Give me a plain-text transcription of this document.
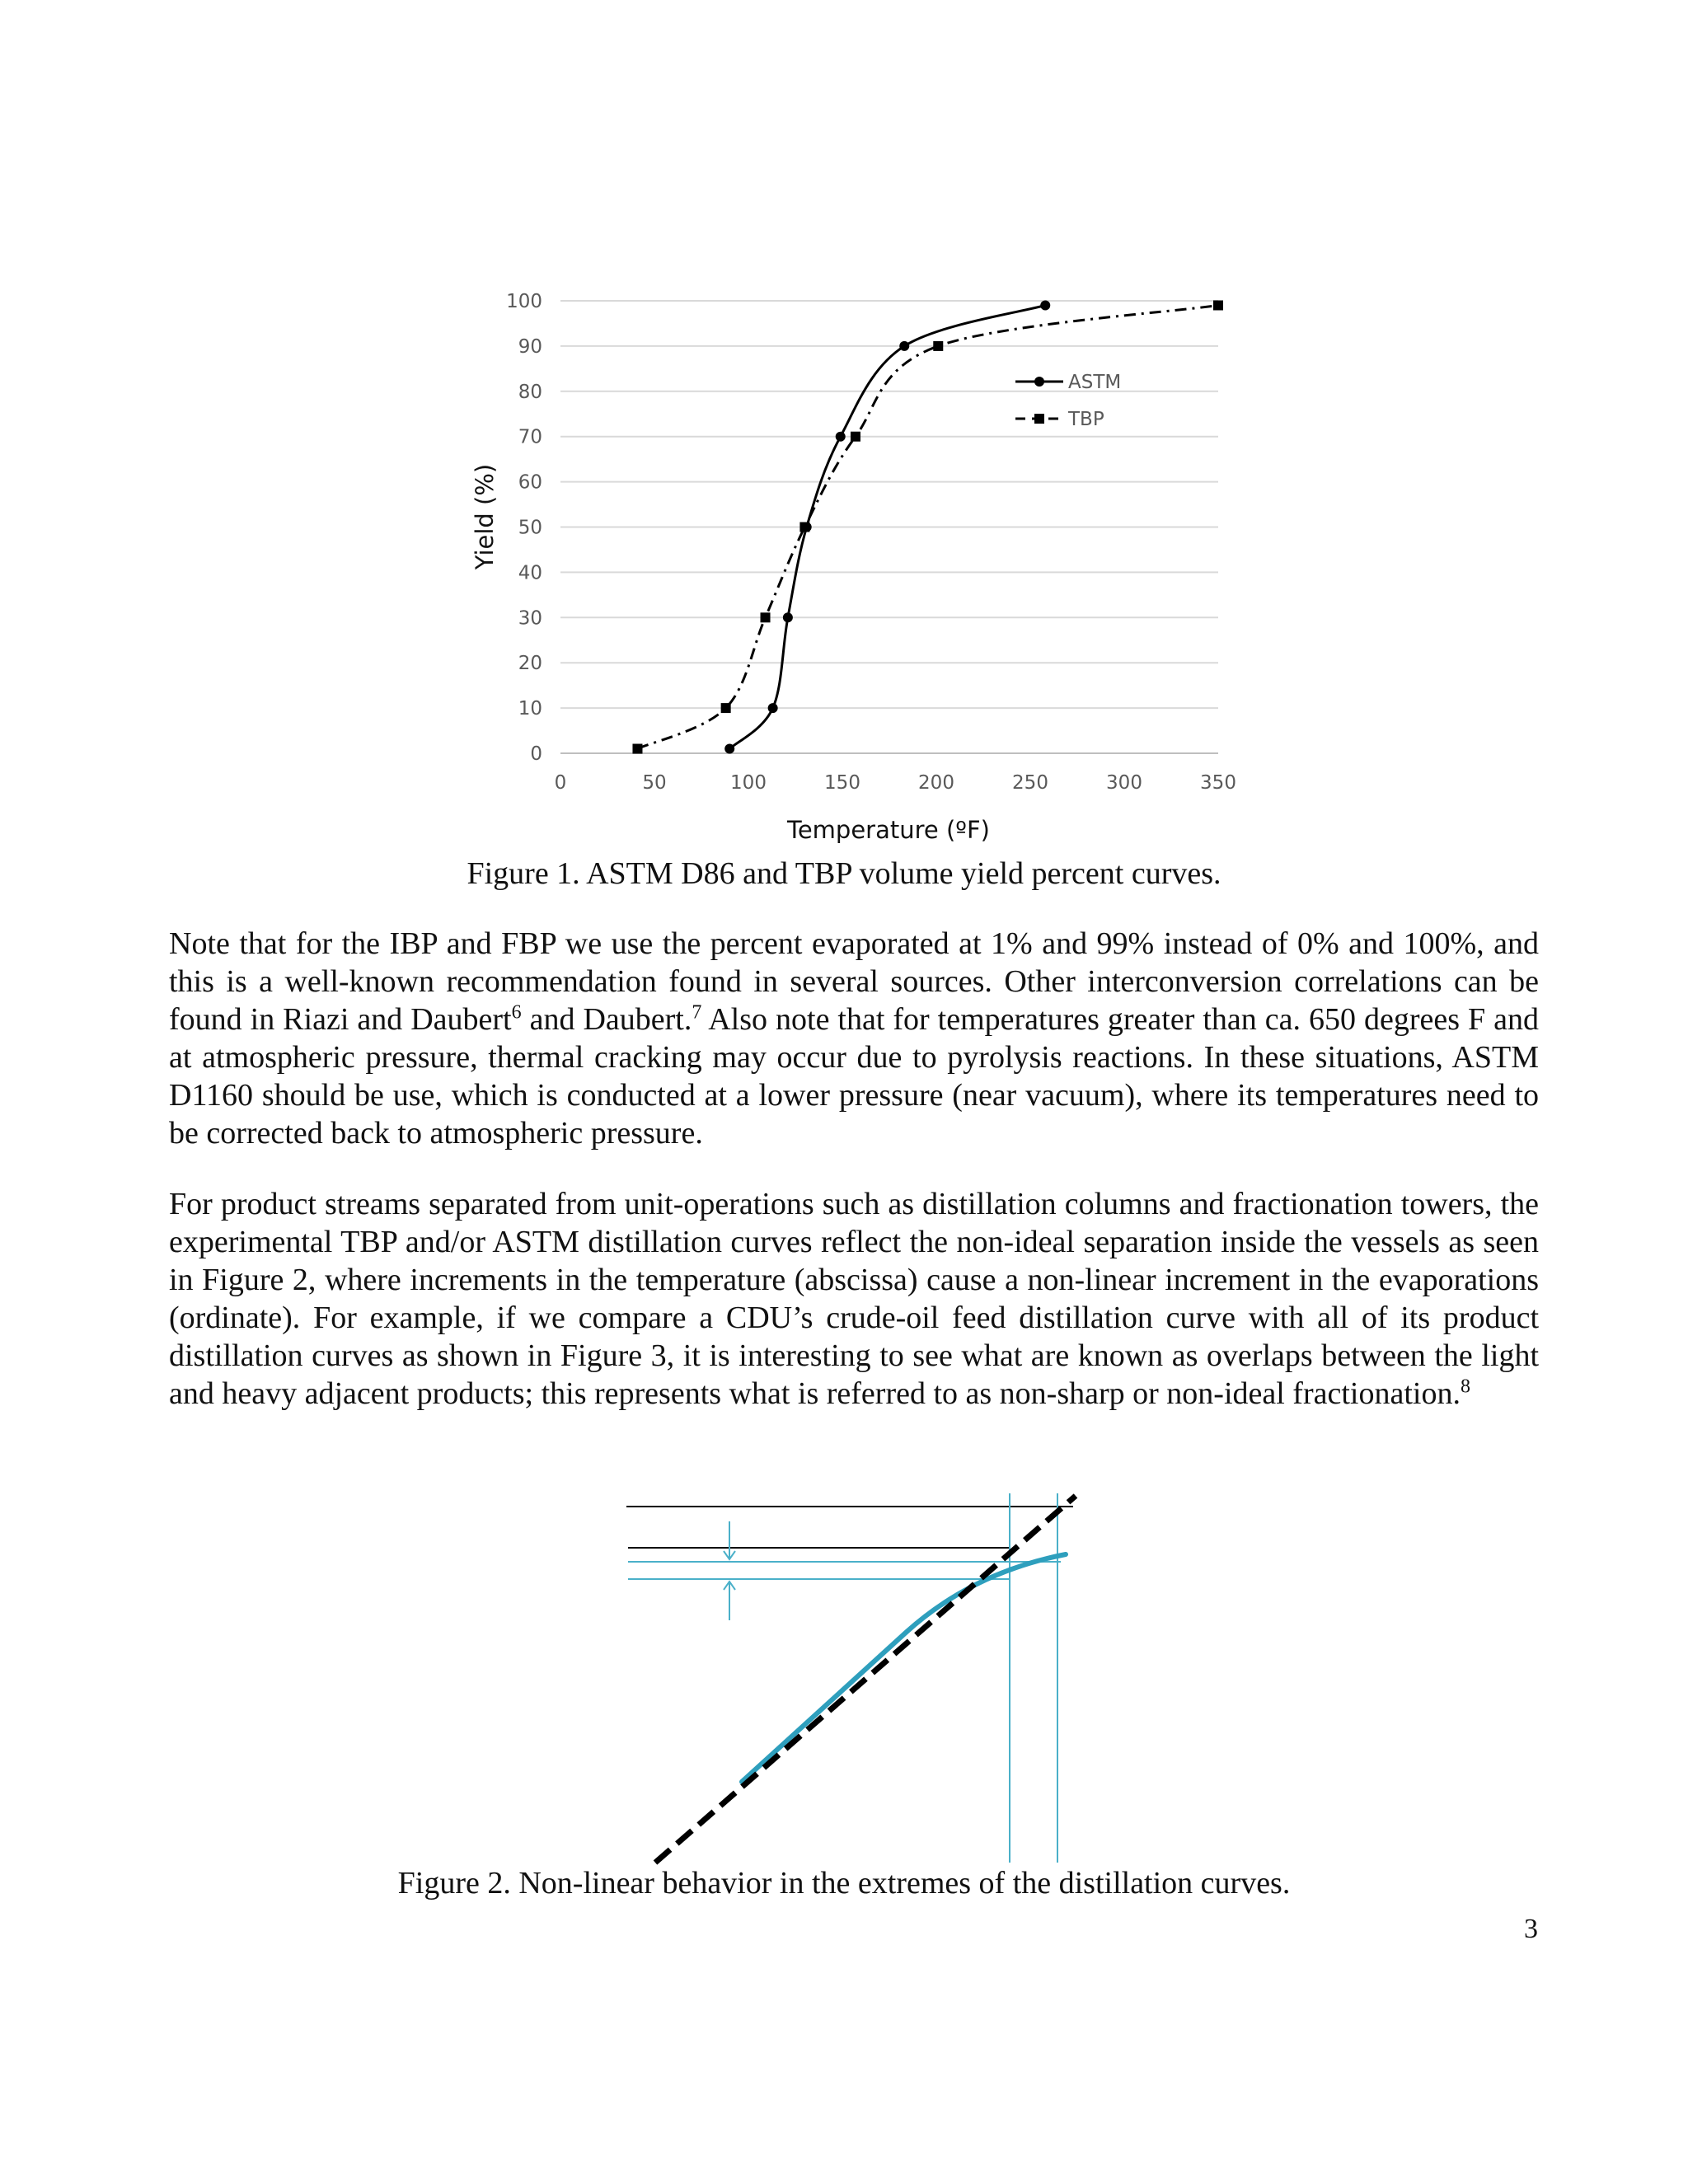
0
10
20
30
40
50
60
70
80
90
100
0	50	100	150	200	250	300	350
Yield (%)
Temperature (ºF)
ASTM
TBP

Figure 1. ASTM D86 and TBP volume yield percent curves.

Note that for the IBP and FBP we use the percent evaporated at 1% and 99% instead of 0% and 100%, and this is a well-known recommendation found in several sources. Other interconversion correlations can be found in Riazi and Daubert$^6$ and Daubert.$^7$ Also note that for temperatures greater than ca. 650 degrees F and at atmospheric pressure, thermal cracking may occur due to pyrolysis reactions. In these situations, ASTM D1160 should be use, which is conducted at a lower pressure (near vacuum), where its temperatures need to be corrected back to atmospheric pressure.

For product streams separated from unit-operations such as distillation columns and fractionation towers, the experimental TBP and/or ASTM distillation curves reflect the non-ideal separation inside the vessels as seen in Figure 2, where increments in the temperature (abscissa) cause a non-linear increment in the evaporations (ordinate). For example, if we compare a CDU’s crude-oil feed distillation curve with all of its product distillation curves as shown in Figure 3, it is interesting to see what are known as overlaps between the light and heavy adjacent products; this represents what is referred to as non-sharp or non-ideal fractionation.$^8$

Figure 2. Non-linear behavior in the extremes of the distillation curves.

3
